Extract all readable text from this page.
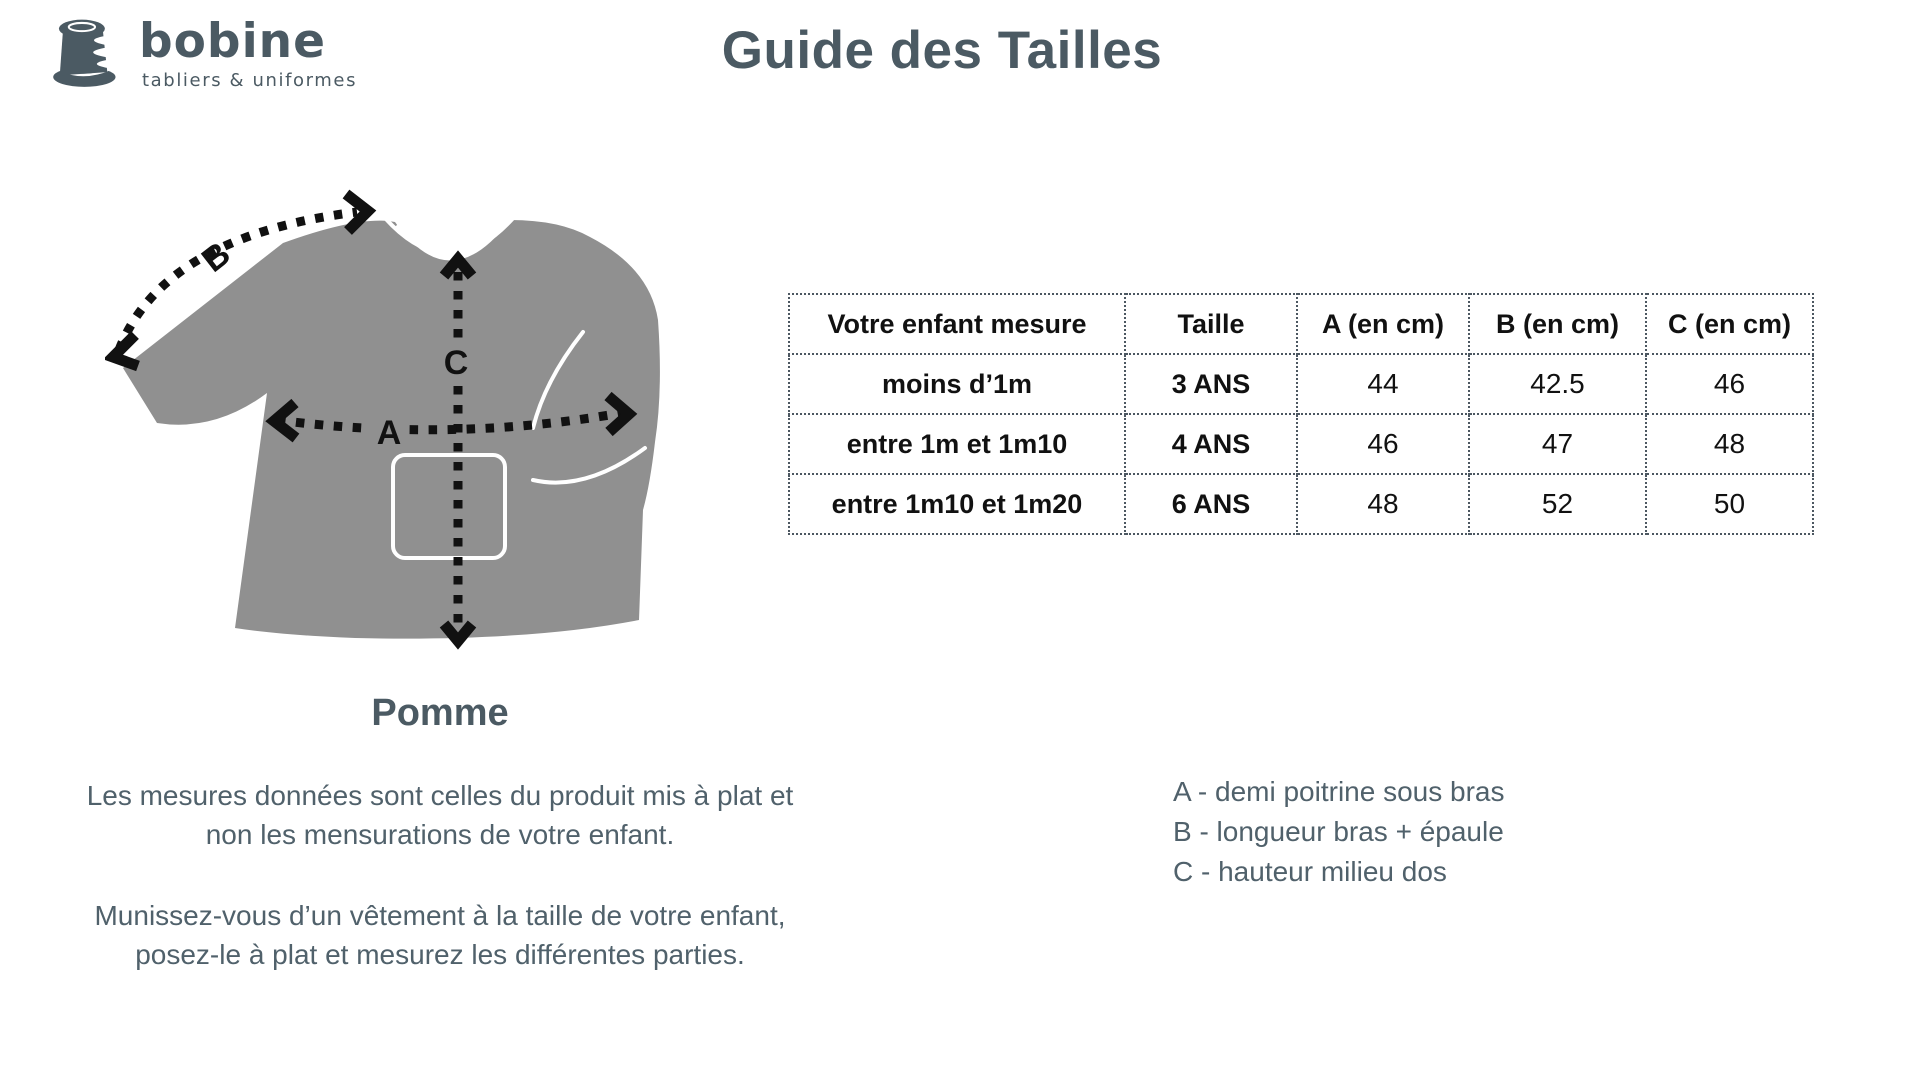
bobine
tabliers & uniformes
Guide des Tailles
B
C
A
Pomme
Les mesures données sont celles du produit mis à plat et
non les mensurations de votre enfant.
Munissez-vous d’un vêtement à la taille de votre enfant,
posez-le à plat et mesurez les différentes parties.
Votre enfant mesure	Taille	A (en cm)	B (en cm)	C (en cm)
moins d’1m	3 ANS	44	42.5	46
entre 1m et 1m10	4 ANS	46	47	48
entre 1m10 et 1m20	6 ANS	48	52	50
A - demi poitrine sous bras
B - longueur bras + épaule
C - hauteur milieu dos
